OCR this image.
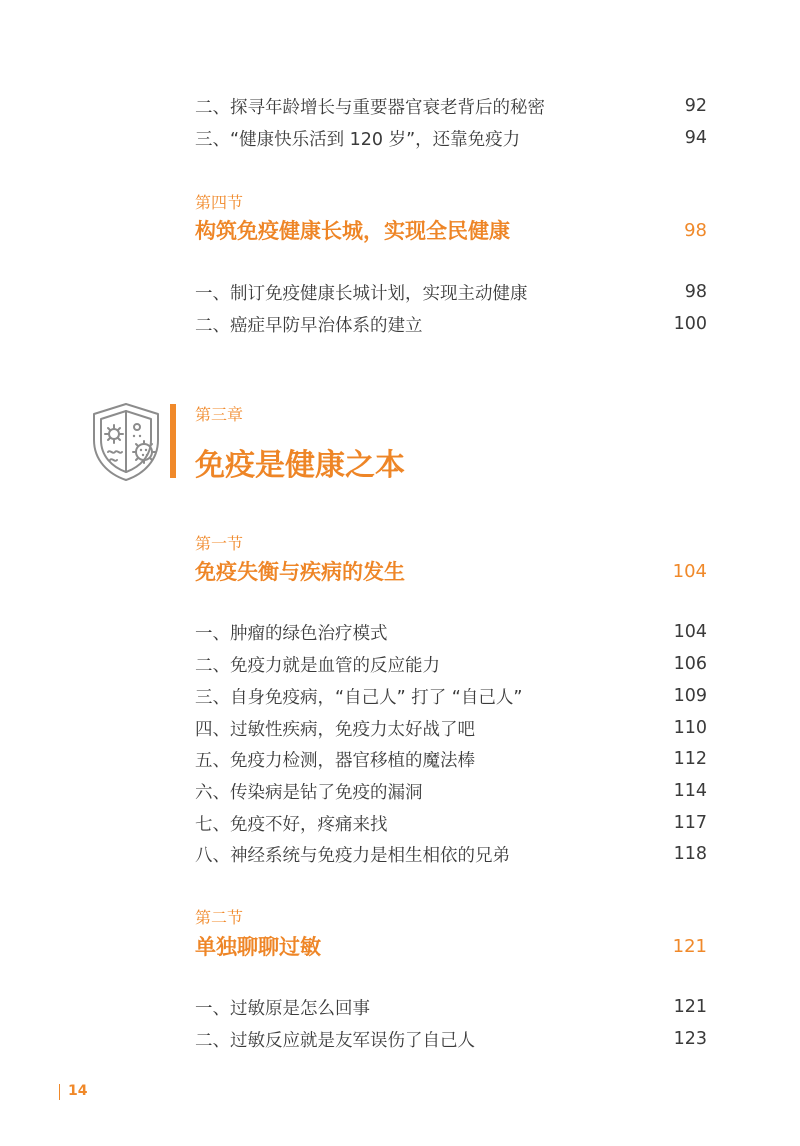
二、探寻年龄增长与重要器官衰老背后的秘密	92
三、“健康快乐活到 120 岁”，还靠免疫力	94
第四节
构筑免疫健康长城，实现全民健康	98
一、制订免疫健康长城计划，实现主动健康	98
二、癌症早防早治体系的建立	100
第三章
免疫是健康之本
第一节
免疫失衡与疾病的发生	104
一、肿瘤的绿色治疗模式	104
二、免疫力就是血管的反应能力	106
三、自身免疫病，“自己人” 打了 “自己人”	109
四、过敏性疾病，免疫力太好战了吧	110
五、免疫力检测，器官移植的魔法棒	112
六、传染病是钻了免疫的漏洞	114
七、免疫不好，疼痛来找	117
八、神经系统与免疫力是相生相依的兄弟	118
第二节
单独聊聊过敏	121
一、过敏原是怎么回事	121
二、过敏反应就是友军误伤了自己人	123
14
